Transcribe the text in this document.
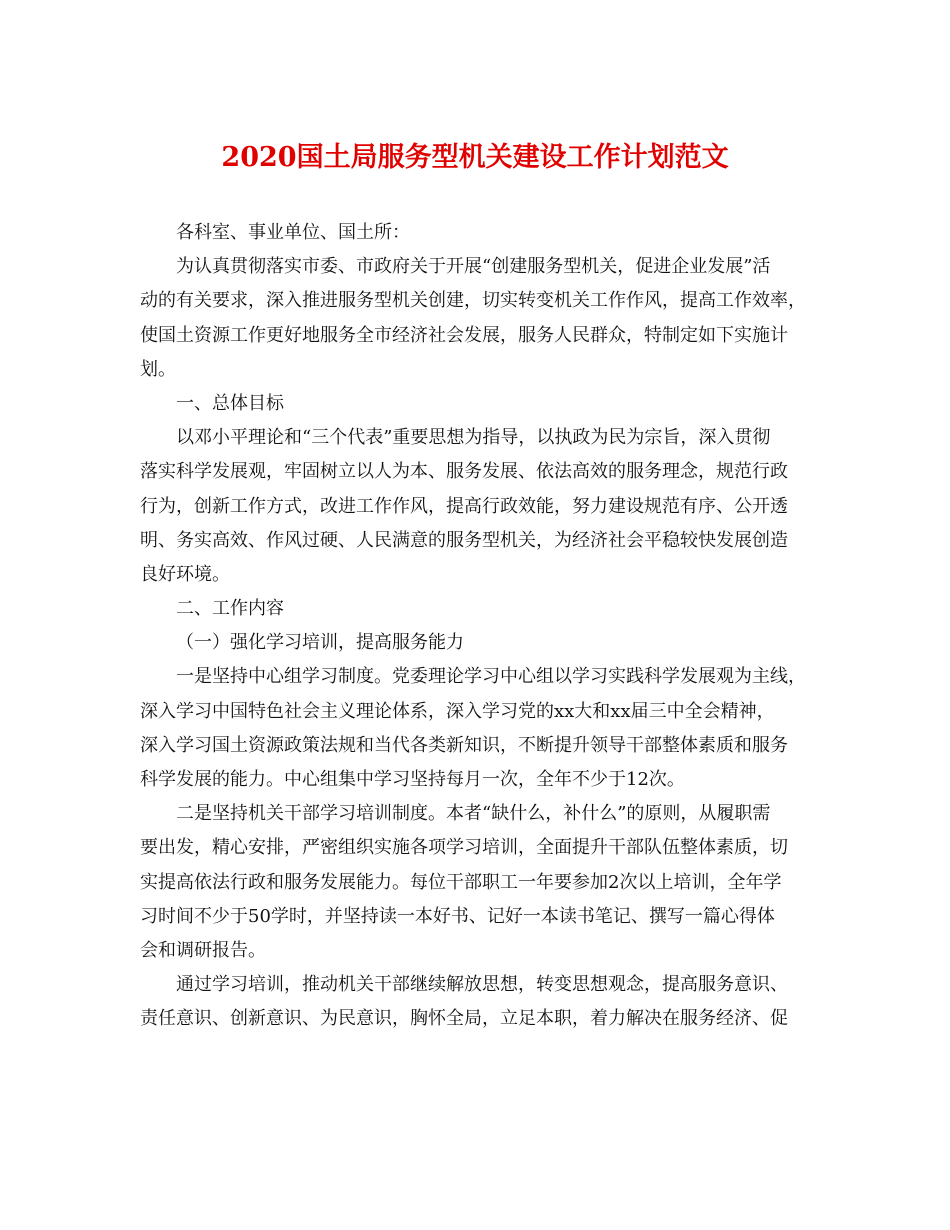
2020国土局服务型机关建设工作计划范文
各科室、事业单位、国土所：
为认真贯彻落实市委、市政府关于开展“创建服务型机关，促进企业发展”活
动的有关要求，深入推进服务型机关创建，切实转变机关工作作风，提高工作效率，
使国土资源工作更好地服务全市经济社会发展，服务人民群众，特制定如下实施计
划。
一、总体目标
以邓小平理论和“三个代表”重要思想为指导，以执政为民为宗旨，深入贯彻
落实科学发展观，牢固树立以人为本、服务发展、依法高效的服务理念，规范行政
行为，创新工作方式，改进工作作风，提高行政效能，努力建设规范有序、公开透
明、务实高效、作风过硬、人民满意的服务型机关，为经济社会平稳较快发展创造
良好环境。
二、工作内容
（一）强化学习培训，提高服务能力
一是坚持中心组学习制度。党委理论学习中心组以学习实践科学发展观为主线，
深入学习中国特色社会主义理论体系，深入学习党的xx大和xx届三中全会精神，
深入学习国土资源政策法规和当代各类新知识，不断提升领导干部整体素质和服务
科学发展的能力。中心组集中学习坚持每月一次，全年不少于12次。
二是坚持机关干部学习培训制度。本者“缺什么，补什么”的原则，从履职需
要出发，精心安排，严密组织实施各项学习培训，全面提升干部队伍整体素质，切
实提高依法行政和服务发展能力。每位干部职工一年要参加2次以上培训，全年学
习时间不少于50学时，并坚持读一本好书、记好一本读书笔记、撰写一篇心得体
会和调研报告。
通过学习培训，推动机关干部继续解放思想，转变思想观念，提高服务意识、
责任意识、创新意识、为民意识，胸怀全局，立足本职，着力解决在服务经济、促
